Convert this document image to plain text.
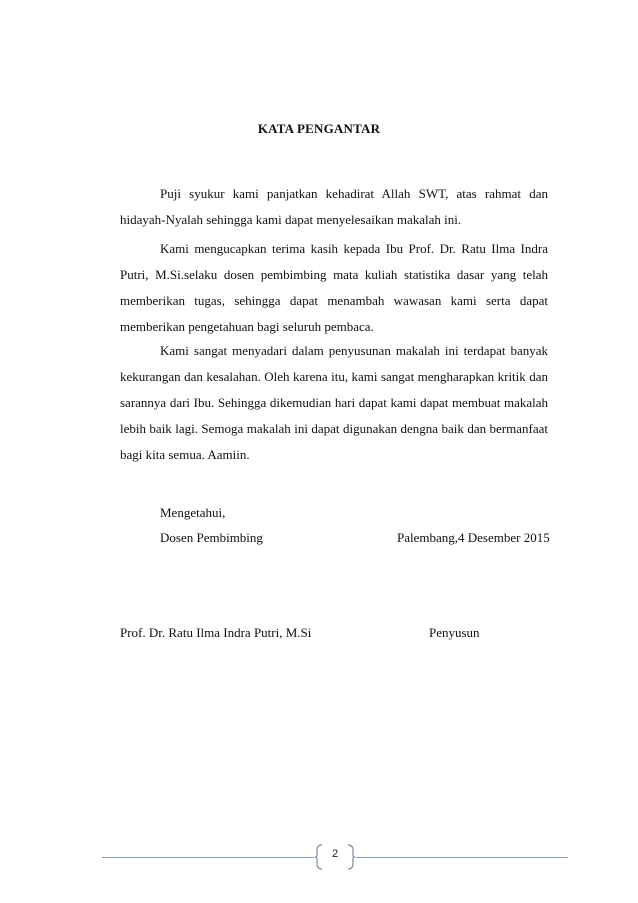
KATA PENGANTAR

Puji syukur kami panjatkan kehadirat Allah SWT, atas rahmat dan hidayah-Nyalah sehingga kami dapat menyelesaikan makalah ini.

Kami mengucapkan terima kasih kepada Ibu Prof. Dr. Ratu Ilma Indra Putri, M.Si.selaku dosen pembimbing mata kuliah statistika dasar yang telah memberikan tugas, sehingga dapat menambah wawasan kami serta dapat memberikan pengetahuan bagi seluruh pembaca.

Kami sangat menyadari dalam penyusunan makalah ini terdapat banyak kekurangan dan kesalahan. Oleh karena itu, kami sangat mengharapkan kritik dan sarannya dari Ibu. Sehingga dikemudian hari dapat kami dapat membuat makalah lebih baik lagi. Semoga makalah ini dapat digunakan dengna baik dan bermanfaat bagi kita semua. Aamiin.

Mengetahui,
Dosen Pembimbing	Palembang,4 Desember 2015
Prof. Dr. Ratu Ilma Indra Putri, M.Si	Penyusun
2
